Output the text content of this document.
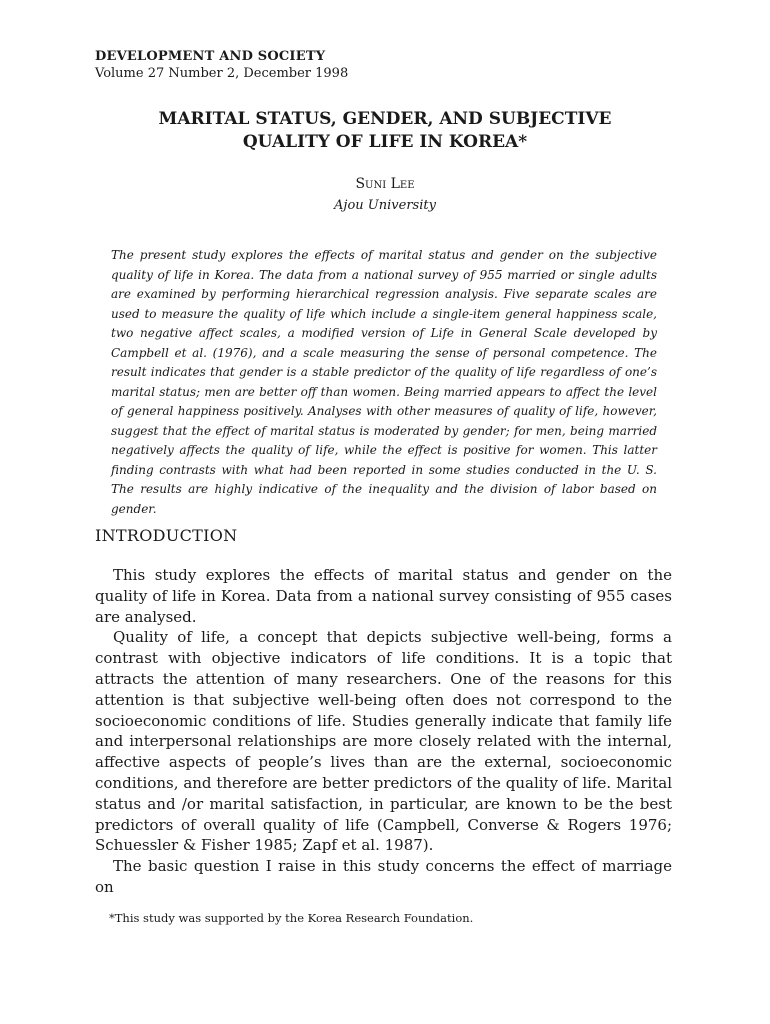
DEVELOPMENT AND SOCIETY
Volume 27 Number 2, December 1998
MARITAL STATUS, GENDER, AND SUBJECTIVE
QUALITY OF LIFE IN KOREA*
Suni Lee
Ajou University

The present study explores the effects of marital status and gender on the subjective quality of life in Korea. The data from a national survey of 955 married or single adults are examined by performing hierarchical regression analysis. Five separate scales are used to measure the quality of life which include a single-item general happiness scale, two negative affect scales, a modified version of Life in General Scale developed by Campbell et al. (1976), and a scale measuring the sense of personal competence. The result indicates that gender is a stable predictor of the quality of life regardless of one’s marital status; men are better off than women. Being married appears to affect the level of general happiness positively. Analyses with other measures of quality of life, however, suggest that the effect of marital status is moderated by gender; for men, being married negatively affects the quality of life, while the effect is positive for women. This latter finding contrasts with what had been reported in some studies conducted in the U. S. The results are highly indicative of the inequality and the division of labor based on gender.

INTRODUCTION

This study explores the effects of marital status and gender on the quality of life in Korea. Data from a national survey consisting of 955 cases are analysed.

Quality of life, a concept that depicts subjective well-being, forms a contrast with objective indicators of life conditions. It is a topic that attracts the attention of many researchers. One of the reasons for this attention is that subjective well-being often does not correspond to the socioeconomic conditions of life. Studies generally indicate that family life and interpersonal relationships are more closely related with the internal, affective aspects of people’s lives than are the external, socioeconomic conditions, and therefore are better predictors of the quality of life. Marital status and /or marital satisfaction, in particular, are known to be the best predictors of overall quality of life (Campbell, Converse & Rogers 1976; Schuessler & Fisher 1985; Zapf et al. 1987).

The basic question I raise in this study concerns the effect of marriage on

*This study was supported by the Korea Research Foundation.
